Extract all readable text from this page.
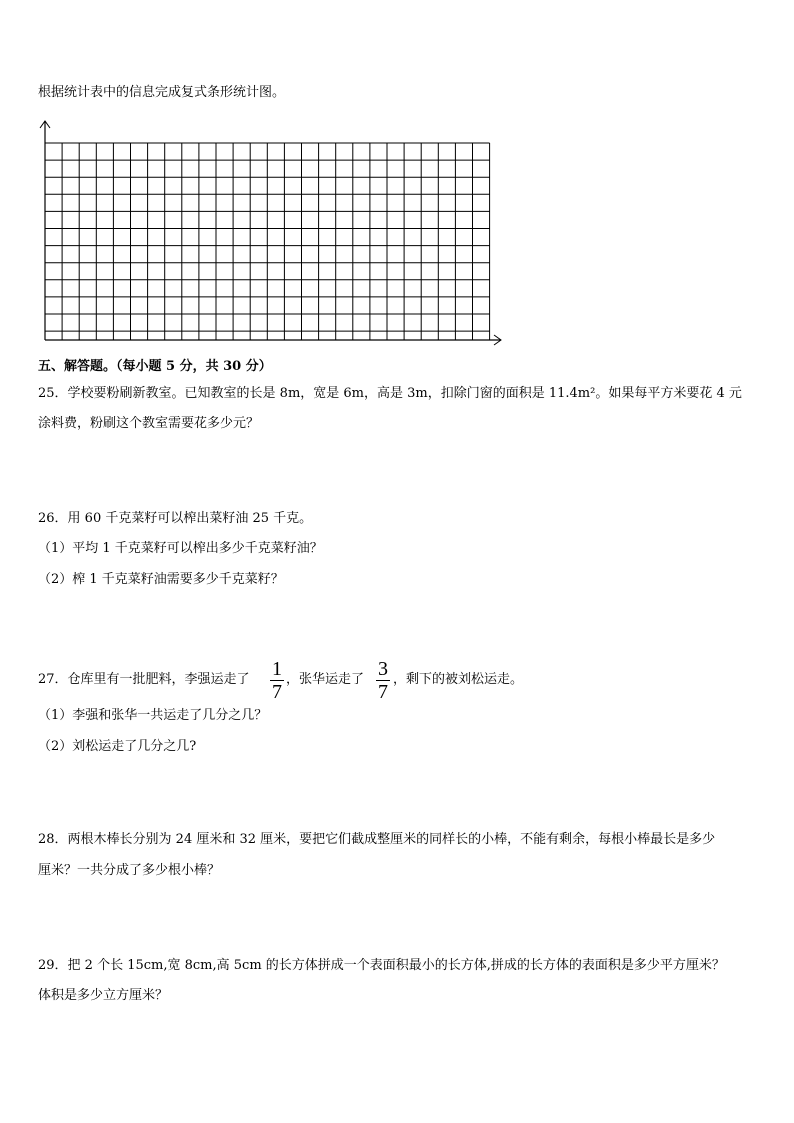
根据统计表中的信息完成复式条形统计图。
五、解答题。（每小题 5 分，共 30 分）
25．学校要粉刷新教室。已知教室的长是 8m，宽是 6m，高是 3m，扣除门窗的面积是 11.4m²。如果每平方米要花 4 元
涂料费，粉刷这个教室需要花多少元？
26．用 60 千克菜籽可以榨出菜籽油 25 千克。
（1）平均 1 千克菜籽可以榨出多少千克菜籽油？
（2）榨 1 千克菜籽油需要多少千克菜籽？
27．仓库里有一批肥料，李强运走了 1
7
，张华运走了 3
7
，剩下的被刘松运走。
（1）李强和张华一共运走了几分之几？
（2）刘松运走了几分之几?
28．两根木棒长分别为 24 厘米和 32 厘米，要把它们截成整厘米的同样长的小棒，不能有剩余，每根小棒最长是多少
厘米？一共分成了多少根小棒？
29．把 2 个长 15cm,宽 8cm,高 5cm 的长方体拼成一个表面积最小的长方体,拼成的长方体的表面积是多少平方厘米？
体积是多少立方厘米？
